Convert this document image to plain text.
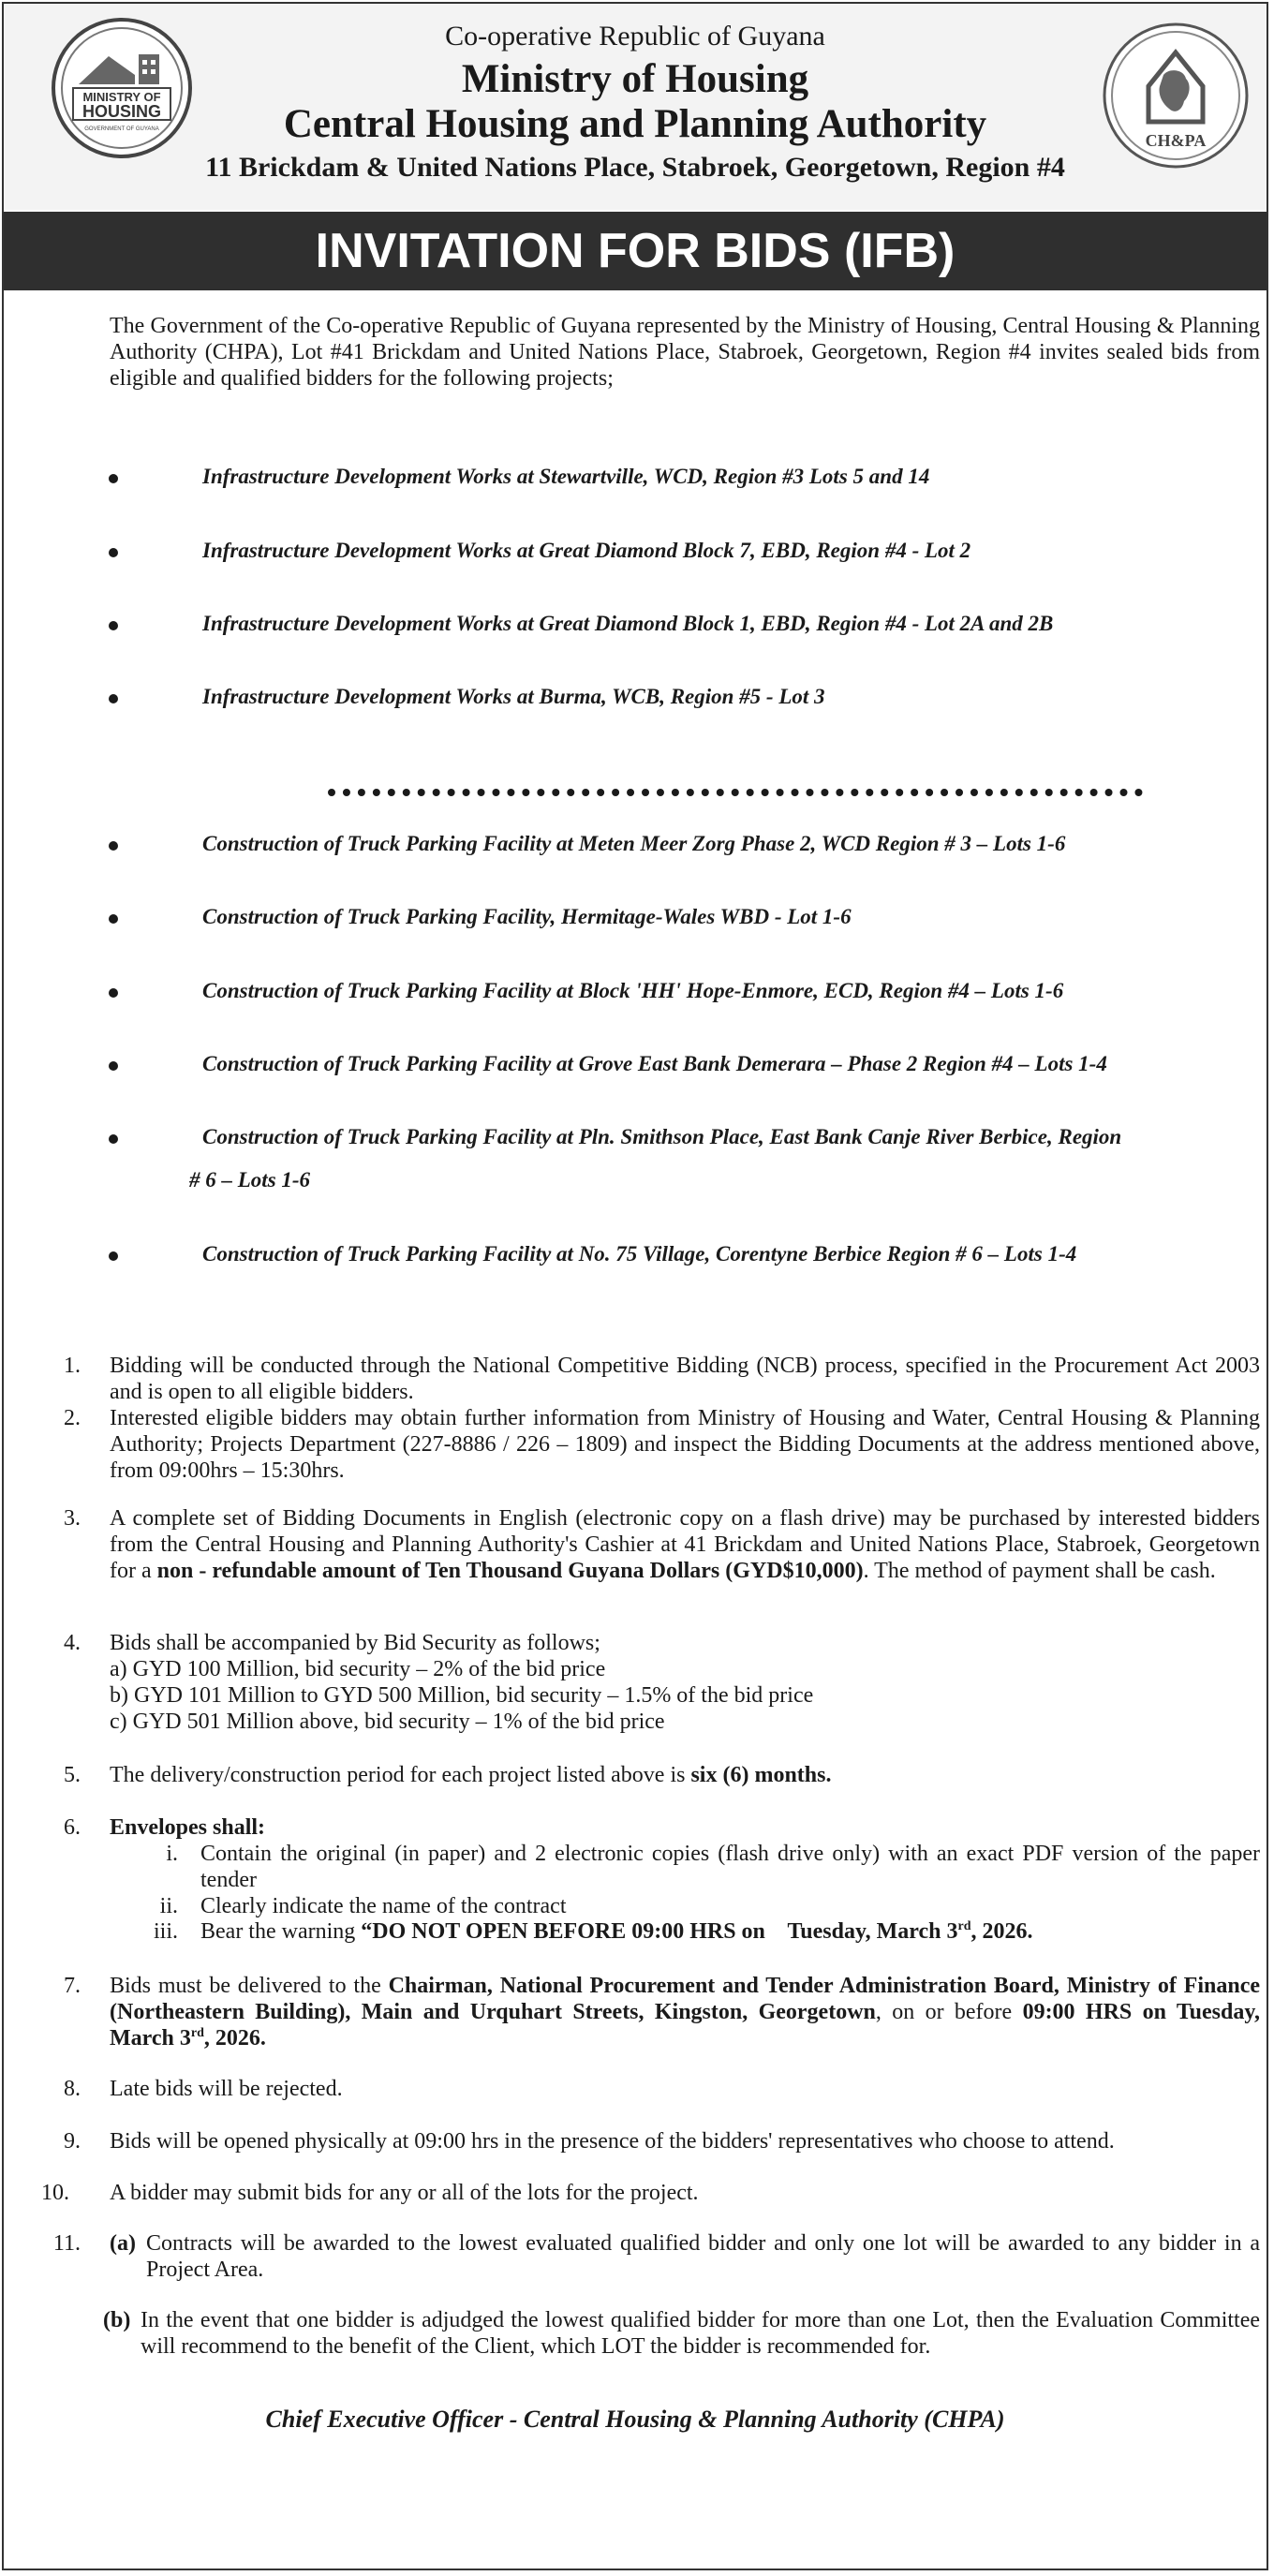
MINISTRY OF
HOUSING
GOVERNMENT OF GUYANA
Co-operative Republic of Guyana
Ministry of Housing
Central Housing and Planning Authority
11 Brickdam & United Nations Place, Stabroek, Georgetown, Region #4
CH&PA
INVITATION FOR BIDS (IFB)
The Government of the Co-operative Republic of Guyana represented by the Ministry of Housing, Central Housing & Planning Authority (CHPA), Lot #41 Brickdam and United Nations Place, Stabroek, Georgetown, Region #4 invites sealed bids from eligible and qualified bidders for the following projects;
Infrastructure Development Works at Stewartville, WCD, Region #3 Lots 5 and 14
Infrastructure Development Works at Great Diamond Block 7, EBD, Region #4 - Lot 2
Infrastructure Development Works at Great Diamond Block 1, EBD, Region #4 - Lot 2A and 2B
Infrastructure Development Works at Burma, WCB, Region #5 - Lot 3
Construction of Truck Parking Facility at Meten Meer Zorg Phase 2, WCD Region # 3 – Lots 1-6
Construction of Truck Parking Facility, Hermitage-Wales WBD - Lot 1-6
Construction of Truck Parking Facility at Block 'HH' Hope-Enmore, ECD, Region #4 – Lots 1-6
Construction of Truck Parking Facility at Grove East Bank Demerara – Phase 2 Region #4 – Lots 1-4
Construction of Truck Parking Facility at Pln. Smithson Place, East Bank Canje River Berbice, Region
# 6 – Lots 1-6
Construction of Truck Parking Facility at No. 75 Village, Corentyne Berbice Region # 6 – Lots 1-4
1. Bidding will be conducted through the National Competitive Bidding (NCB) process, specified in the Procurement Act 2003 and is open to all eligible bidders.
2. Interested eligible bidders may obtain further information from Ministry of Housing and Water, Central Housing & Planning Authority; Projects Department (227-8886 / 226 – 1809) and inspect the Bidding Documents at the address mentioned above, from 09:00hrs – 15:30hrs.
3. A complete set of Bidding Documents in English (electronic copy on a flash drive) may be purchased by interested bidders from the Central Housing and Planning Authority's Cashier at 41 Brickdam and United Nations Place, Stabroek, Georgetown for a non - refundable amount of Ten Thousand Guyana Dollars (GYD$10,000). The method of payment shall be cash.
4. Bids shall be accompanied by Bid Security as follows;
a) GYD 100 Million, bid security – 2% of the bid price
b) GYD 101 Million to GYD 500 Million, bid security – 1.5% of the bid price
c) GYD 501 Million above, bid security – 1% of the bid price
5. The delivery/construction period for each project listed above is six (6) months.
6. Envelopes shall:
i. Contain the original (in paper) and 2 electronic copies (flash drive only) with an exact PDF version of the paper tender
ii. Clearly indicate the name of the contract
iii. Bear the warning “DO NOT OPEN BEFORE 09:00 HRS on    Tuesday, March 3rd, 2026.
7. Bids must be delivered to the Chairman, National Procurement and Tender Administration Board, Ministry of Finance (Northeastern Building), Main and Urquhart Streets, Kingston, Georgetown, on or before 09:00 HRS on Tuesday, March 3rd, 2026.
8. Late bids will be rejected.
9. Bids will be opened physically at 09:00 hrs in the presence of the bidders' representatives who choose to attend.
10.	A bidder may submit bids for any or all of the lots for the project.
11. (a) Contracts will be awarded to the lowest evaluated qualified bidder and only one lot will be awarded to any bidder in a Project Area.
(b) In the event that one bidder is adjudged the lowest qualified bidder for more than one Lot, then the Evaluation Committee will recommend to the benefit of the Client, which LOT the bidder is recommended for.
Chief Executive Officer - Central Housing & Planning Authority (CHPA)
